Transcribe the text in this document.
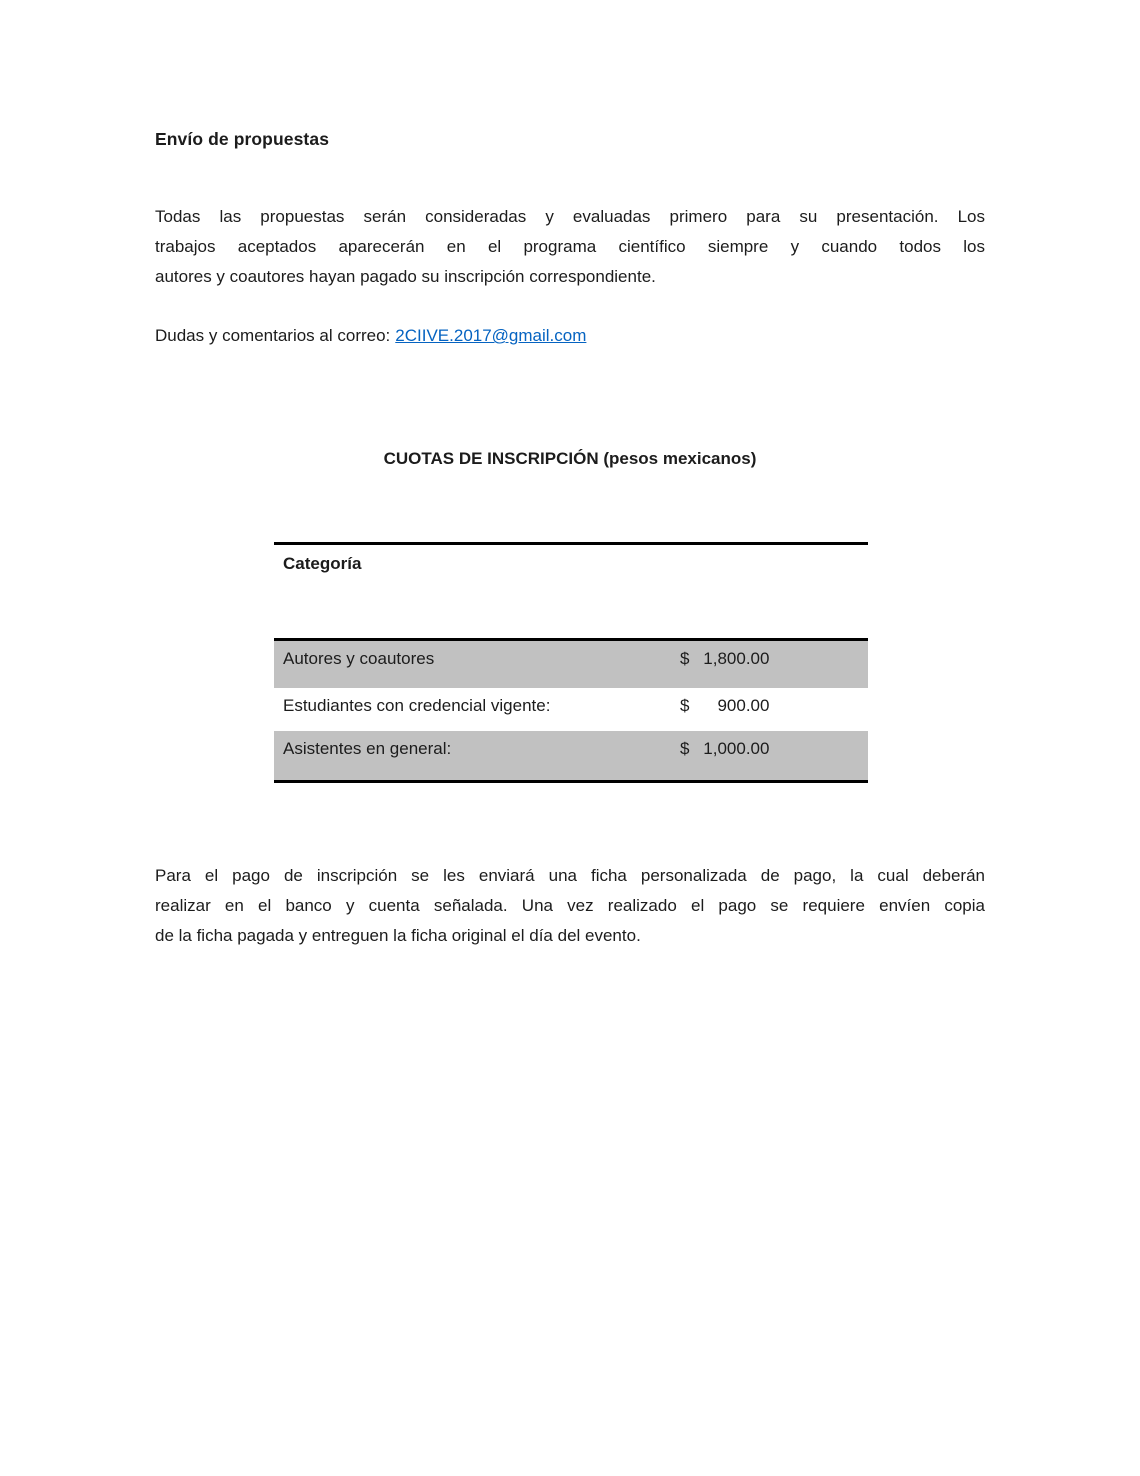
Envío de propuestas
Todas las propuestas serán consideradas y evaluadas primero para su presentación. Los
trabajos aceptados aparecerán en el programa científico siempre y cuando todos los
autores y coautores hayan pagado su inscripción correspondiente.
Dudas y comentarios al correo: 2CIIVE.2017@gmail.com
CUOTAS DE INSCRIPCIÓN (pesos mexicanos)
Categoría
Autores y coautores	$ 1,800.00
Estudiantes con credencial vigente:	$	900.00
Asistentes en general:	$ 1,000.00
Para el pago de inscripción se les enviará una ficha personalizada de pago, la cual deberán
realizar en el banco y cuenta señalada. Una vez realizado el pago se requiere envíen copia
de la ficha pagada y entreguen la ficha original el día del evento.
